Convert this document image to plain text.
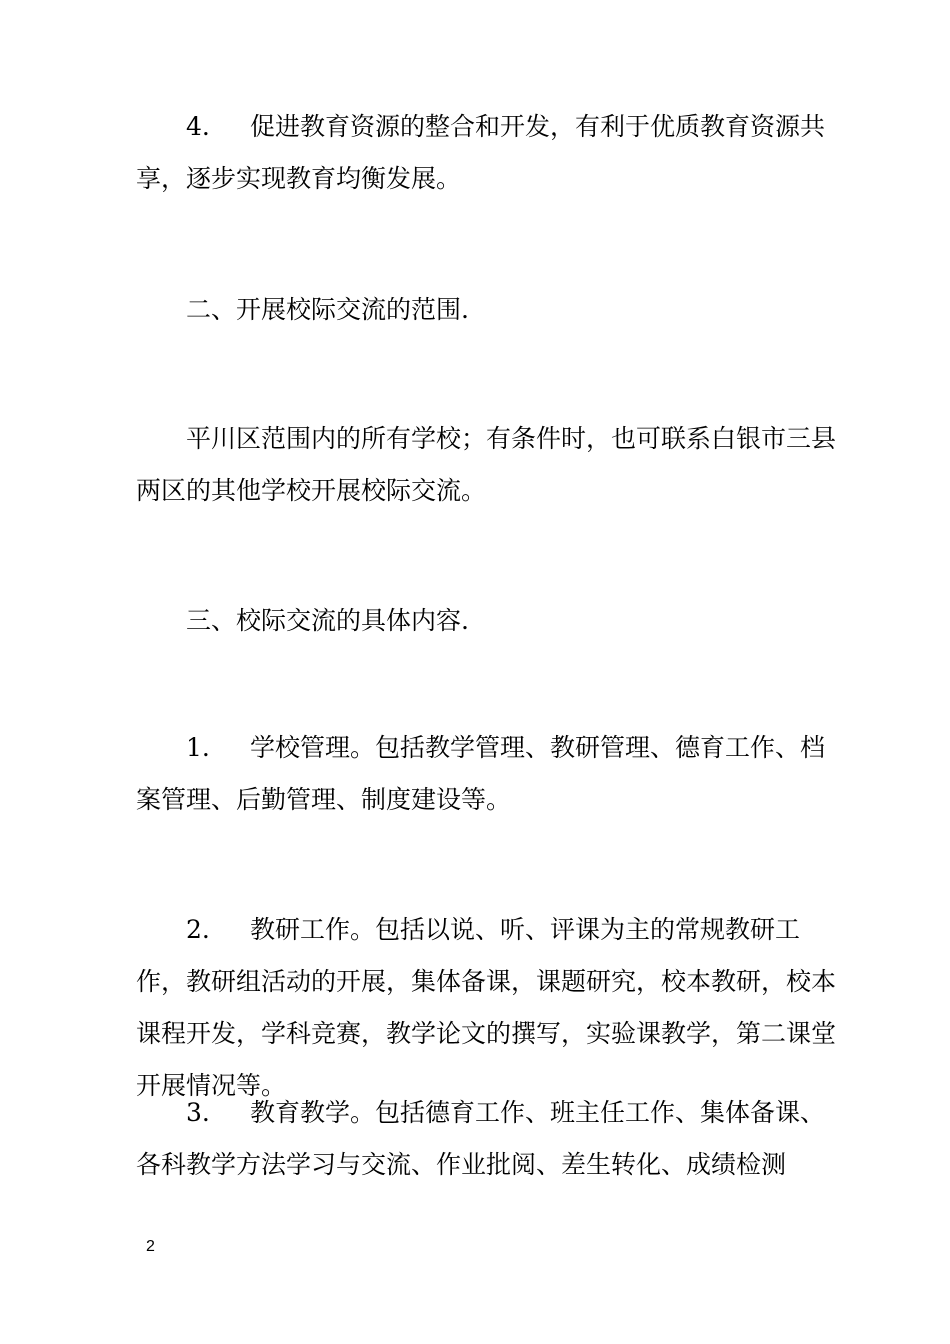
4. 促进教育资源的整合和开发，有利于优质教育资源共享，逐步实现教育均衡发展。

二、开展校际交流的范围.

平川区范围内的所有学校；有条件时，也可联系白银市三县两区的其他学校开展校际交流。

三、校际交流的具体内容.

1. 学校管理。包括教学管理、教研管理、德育工作、档案管理、后勤管理、制度建设等。

2. 教研工作。包括以说、听、评课为主的常规教研工作，教研组活动的开展，集体备课，课题研究，校本教研，校本课程开发，学科竞赛，教学论文的撰写，实验课教学，第二课堂开展情况等。

3. 教育教学。包括德育工作、班主任工作、集体备课、各科教学方法学习与交流、作业批阅、差生转化、成绩检测

2
